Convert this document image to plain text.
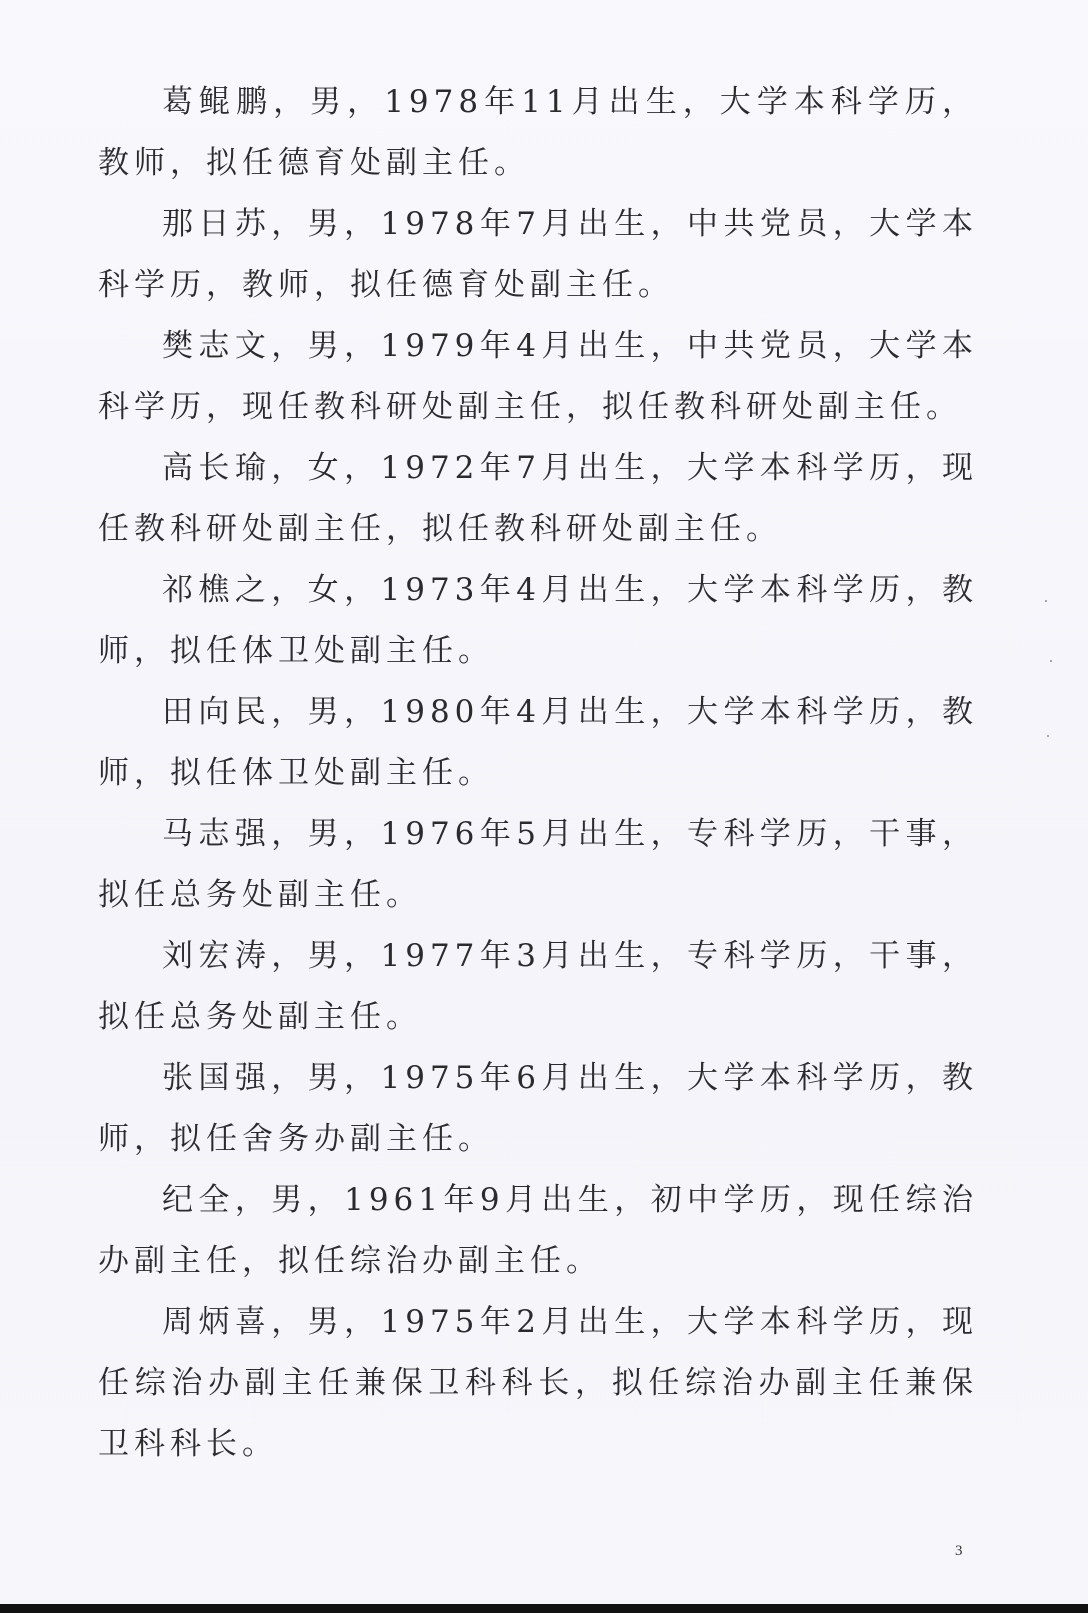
葛鲲鹏，男，1978年11月出生，大学本科学历，教师，拟任德育处副主任。

那日苏，男，1978年7月出生，中共党员，大学本科学历，教师，拟任德育处副主任。

樊志文，男，1979年4月出生，中共党员，大学本科学历，现任教科研处副主任，拟任教科研处副主任。

高长瑜，女，1972年7月出生，大学本科学历，现任教科研处副主任，拟任教科研处副主任。

祁樵之，女，1973年4月出生，大学本科学历，教师，拟任体卫处副主任。

田向民，男，1980年4月出生，大学本科学历，教师，拟任体卫处副主任。

马志强，男，1976年5月出生，专科学历，干事，拟任总务处副主任。

刘宏涛，男，1977年3月出生，专科学历，干事，拟任总务处副主任。

张国强，男，1975年6月出生，大学本科学历，教师，拟任舍务办副主任。

纪全，男，1961年9月出生，初中学历，现任综治办副主任，拟任综治办副主任。

周炳喜，男，1975年2月出生，大学本科学历，现任综治办副主任兼保卫科科长，拟任综治办副主任兼保卫科科长。

3
